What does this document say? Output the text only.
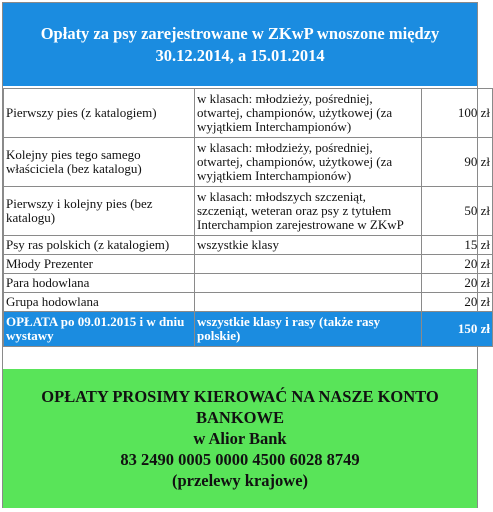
Opłaty za psy zarejestrowane w ZKwP wnoszone między
30.12.2014, a 15.01.2014
Pierwszy pies (z katalogiem)	w klasach: młodzieży, pośredniej, otwartej, championów, użytkowej (za wyjątkiem Interchampionów)	100 zł
Kolejny pies tego samego właściciela (bez katalogu)	w klasach: młodzieży, pośredniej, otwartej, championów, użytkowej (za wyjątkiem Interchampionów)	90 zł
Pierwszy i kolejny pies (bez katalogu)	w klasach: młodszych szczeniąt, szczeniąt, weteran oraz psy z tytułem Interchampion zarejestrowane w ZKwP	50 zł
Psy ras polskich (z katalogiem)	wszystkie klasy	15 zł
Młody Prezenter		20 zł
Para hodowlana		20 zł
Grupa hodowlana		20 zł
OPŁATA po 09.01.2015 i w dniu wystawy	wszystkie klasy i rasy (także rasy polskie)	150 zł
OPŁATY PROSIMY KIEROWAĆ NA NASZE KONTO
BANKOWE
w Alior Bank
83 2490 0005 0000 4500 6028 8749
(przelewy krajowe)
